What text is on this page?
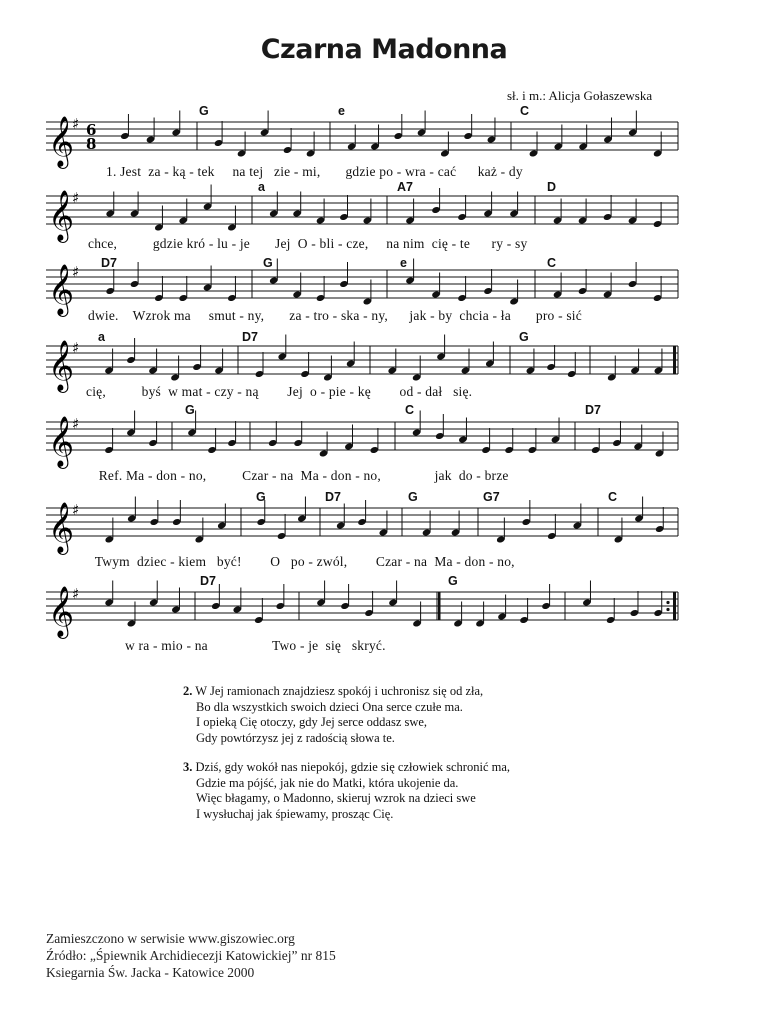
Czarna Madonna
sł. i m.: Alicja Gołaszewska
G	e	C
𝄞
♯ 6
8
1. Jest  za - ką - tek     na tej   zie - mi,       gdzie po - wra - cać      każ - dy
a	A7	D
𝄞
♯
chce,          gdzie kró - lu - je       Jej  O - bli - cze,     na nim  cię - te      ry - sy
D7	G	e	C
𝄞
♯
dwie.    Wzrok ma     smut - ny,       za - tro - ska - ny,      jak - by  chcia - ła       pro - sić
a	D7	G
𝄞
♯
cię,          byś  w mat - czy - ną        Jej  o - pie - kę        od - dał   się.
G	C	D7
𝄞
♯
Ref. Ma - don - no,          Czar - na  Ma - don - no,               jak  do - brze
G	D7	G	G7	C
𝄞
♯
Twym  dziec - kiem   być!        O   po - zwól,        Czar - na  Ma - don - no,
D7	G
𝄞
♯
w ra - mio - na                  Two - je  się   skryć.
2. W Jej ramionach znajdziesz spokój i uchronisz się od zła,
Bo dla wszystkich swoich dzieci Ona serce czułe ma.
I opieką Cię otoczy, gdy Jej serce oddasz swe,
Gdy powtórzysz jej z radością słowa te.
3. Dziś, gdy wokół nas niepokój, gdzie się człowiek schronić ma,
Gdzie ma pójść, jak nie do Matki, która ukojenie da.
Więc błagamy, o Madonno, skieruj wzrok na dzieci swe
I wysłuchaj jak śpiewamy, prosząc Cię.
Zamieszczono w serwisie www.giszowiec.org
Źródło: „Śpiewnik Archidiecezji Katowickiej” nr 815
Ksiegarnia Św. Jacka - Katowice 2000
